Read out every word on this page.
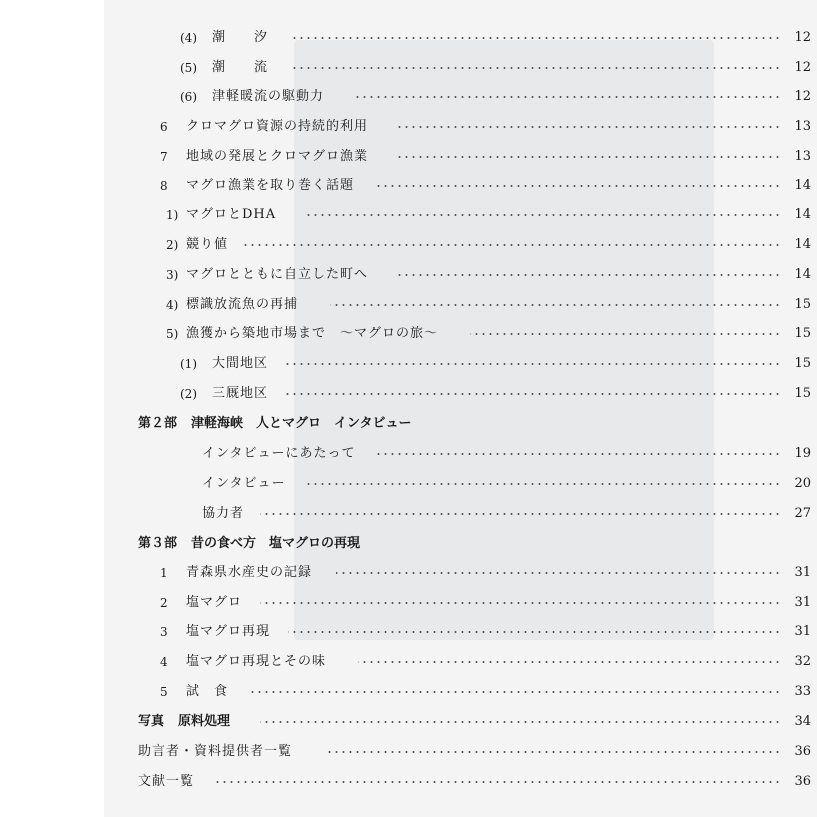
(4) 潮　　汐	12
(5) 潮　　流	12
(6) 津軽暖流の駆動力	12
6 クロマグロ資源の持続的利用	13
7 地域の発展とクロマグロ漁業	13
8 マグロ漁業を取り巻く話題	14
1) マグロとDHA	14
2) 競り値	14
3) マグロとともに自立した町へ	14
4) 標識放流魚の再捕	15
5) 漁獲から築地市場まで　～マグロの旅～	15
(1) 大間地区	15
(2) 三厩地区	15
第２部 津軽海峡　人とマグロ　インタビュー
インタビューにあたって	19
インタビュー	20
協力者	27
第３部 昔の食べ方　塩マグロの再現
1 青森県水産史の記録	31
2 塩マグロ	31
3 塩マグロ再現	31
4 塩マグロ再現とその味	32
5 試　食	33
写真 原料処理	34
助言者・資料提供者一覧	36
文献一覧	36
